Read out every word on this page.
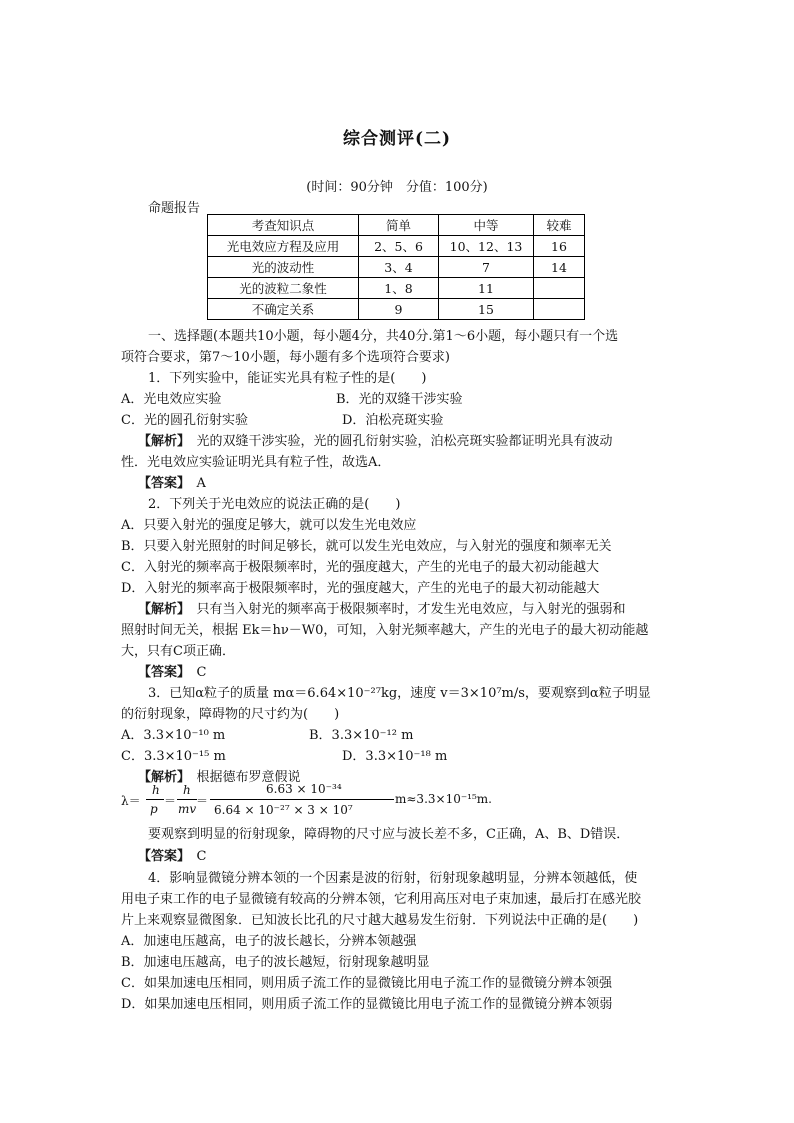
综合测评(二)
(时间：90分钟　分值：100分)
命题报告
考查知识点	简单	中等	较难
光电效应方程及应用	2、5、6	10、12、13	16
光的波动性	3、4	7	14
光的波粒二象性	1、8	11	
不确定关系	9	15	
一、选择题(本题共10小题，每小题4分，共40分.第1～6小题，每小题只有一个选
项符合要求，第7～10小题，每小题有多个选项符合要求)
1．下列实验中，能证实光具有粒子性的是(　　)
A．光电效应实验	B．光的双缝干涉实验
C．光的圆孔衍射实验	D．泊松亮斑实验
【解析】　 光的双缝干涉实验，光的圆孔衍射实验，泊松亮斑实验都证明光具有波动
性．光电效应实验证明光具有粒子性，故选A．
【答案】　 A
2．下列关于光电效应的说法正确的是(　　)
A．只要入射光的强度足够大，就可以发生光电效应
B．只要入射光照射的时间足够长，就可以发生光电效应，与入射光的强度和频率无关
C．入射光的频率高于极限频率时，光的强度越大，产生的光电子的最大初动能越大
D．入射光的频率高于极限频率时，光的强度越大，产生的光电子的最大初动能越大
【解析】　 只有当入射光的频率高于极限频率时，才发生光电效应，与入射光的强弱和
照射时间无关，根据 Ek＝hν－W0，可知，入射光频率越大，产生的光电子的最大初动能越
大，只有C项正确．
【答案】　 C
3．已知α粒子的质量 mα＝6.64×10⁻²⁷kg，速度 v＝3×10⁷m/s，要观察到α粒子明显
的衍射现象，障碍物的尺寸约为(　　)
A．3.3×10⁻¹⁰ m	B．3.3×10⁻¹² m
C．3.3×10⁻¹⁵ m	D．3.3×10⁻¹⁸ m
【解析】　 根据德布罗意假说
λ＝
h
p
＝
h
mv
＝
6.63 × 10⁻³⁴
6.64 × 10⁻²⁷ × 3 × 10⁷
m≈3.3×10⁻¹⁵m.
要观察到明显的衍射现象，障碍物的尺寸应与波长差不多，C正确，A、B、D错误．
【答案】　 C
4．影响显微镜分辨本领的一个因素是波的衍射，衍射现象越明显，分辨本领越低，使
用电子束工作的电子显微镜有较高的分辨本领，它利用高压对电子束加速，最后打在感光胶
片上来观察显微图象．已知波长比孔的尺寸越大越易发生衍射．下列说法中正确的是(　　)
A．加速电压越高，电子的波长越长，分辨本领越强
B．加速电压越高，电子的波长越短，衍射现象越明显
C．如果加速电压相同，则用质子流工作的显微镜比用电子流工作的显微镜分辨本领强
D．如果加速电压相同，则用质子流工作的显微镜比用电子流工作的显微镜分辨本领弱
